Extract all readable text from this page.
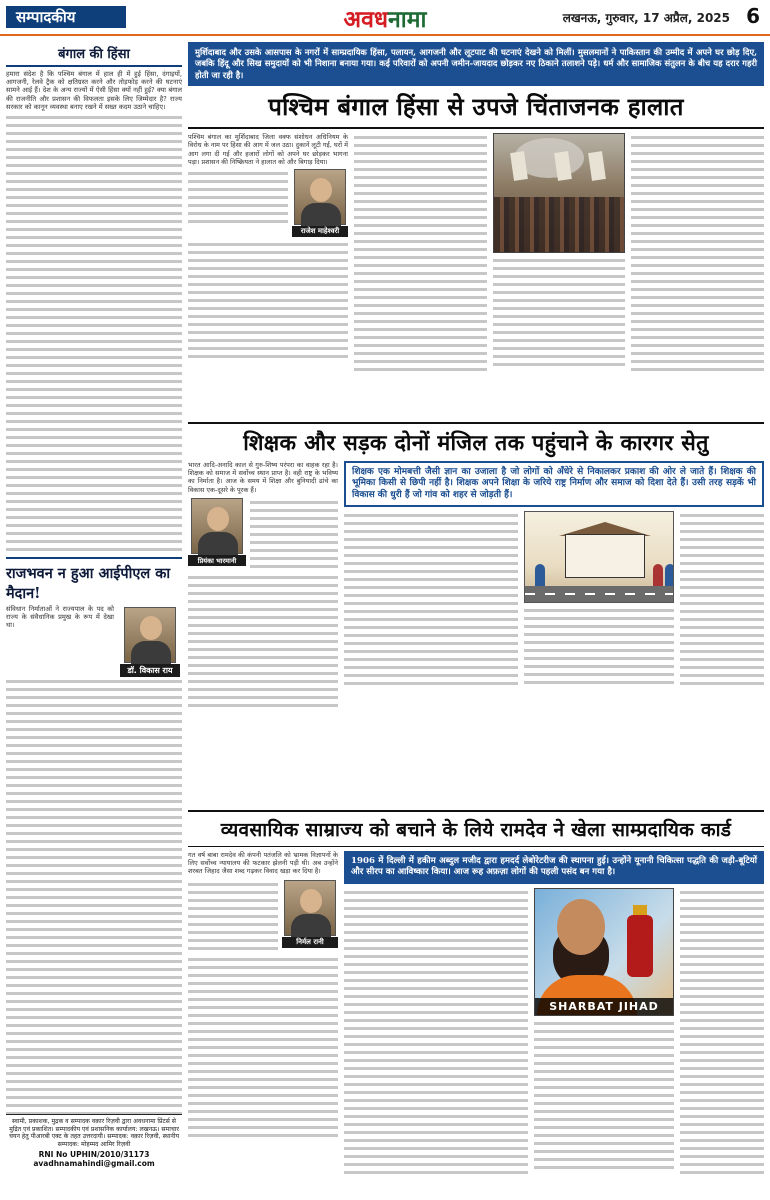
सम्पादकीय	अवधनामा	लखनऊ, गुरुवार, 17 अप्रैल, 2025 6
बंगाल की हिंसा
हमारा संदेश है कि पश्चिम बंगाल में हाल ही में हुई हिंसा, दंगाइयों, आगजनी, रेलवे ट्रैक को क्षतिग्रस्त करने और तोड़फोड़ करने की घटनाएं सामने आई हैं। देश के अन्य राज्यों में ऐसी हिंसा क्यों नहीं हुई? क्या बंगाल की राजनीति और प्रशासन की विफलता इसके लिए जिम्मेदार है? राज्य सरकार को कानून व्यवस्था बनाए रखने में सख्त कदम उठाने चाहिए।
राजभवन न हुआ आईपीएल का मैदान!
संविधान निर्माताओं ने राज्यपाल के पद को राज्य के संवैधानिक प्रमुख के रूप में देखा था।
डॉ. विकास राय
स्वामी, प्रकाशक, मुद्रक व सम्पादक वक़ार रिज़वी द्वारा अवधनामा प्रिंटर्स से मुद्रित एवं प्रकाशित। सम्पादकीय एवं प्रशासनिक कार्यालय: लखनऊ। समाचार चयन हेतु पीआरबी एक्ट के तहत उत्तरदायी। सम्पादक: वक़ार रिज़वी, स्थानीय सम्पादक: मोहम्मद आमिर रिज़वी
RNI No UPHIN/2010/31173
avadhnamahindi@gmail.com
मुर्शिदाबाद और उसके आसपास के नगरों में साम्प्रदायिक हिंसा, पलायन, आगजनी और लूटपाट की घटनाएं देखने को मिलीं। मुसलमानों ने पाकिस्तान की उम्मीद में अपने घर छोड़ दिए, जबकि हिंदू और सिख समुदायों को भी निशाना बनाया गया। कई परिवारों को अपनी जमीन-जायदाद छोड़कर नए ठिकाने तलाशने पड़े। धर्म और सामाजिक संतुलन के बीच यह दरार गहरी होती जा रही है।
पश्चिम बंगाल हिंसा से उपजे चिंताजनक हालात
पश्चिम बंगाल का मुर्शिदाबाद जिला वक्फ संशोधन अधिनियम के विरोध के नाम पर हिंसा की आग में जल उठा। दुकानें लूटी गईं, घरों में आग लगा दी गई और हजारों लोगों को अपने घर छोड़कर भागना पड़ा। प्रशासन की निष्क्रियता ने हालात को और बिगाड़ दिया।
राजेश माहेश्वरी
शिक्षक और सड़क दोनों मंजिल तक पहुंचाने के कारगर सेतु
भारत आदि-अनादि काल से गुरु-शिष्य परंपरा का वाहक रहा है। शिक्षक को समाज में सर्वोच्च स्थान प्राप्त है। वही राष्ट्र के भविष्य का निर्माता है। आज के समय में शिक्षा और बुनियादी ढांचे का विकास एक-दूसरे के पूरक हैं।
प्रियंका भारमानी
शिक्षक एक मोमबत्ती जैसी ज्ञान का उजाला है जो लोगों को अँधेरे से निकालकर प्रकाश की ओर ले जाते हैं। शिक्षक की भूमिका किसी से छिपी नहीं है। शिक्षक अपने शिक्षा के जरिये राष्ट्र निर्माण और समाज को दिशा देते हैं। उसी तरह सड़कें भी विकास की धुरी हैं जो गांव को शहर से जोड़ती हैं।
व्यवसायिक साम्राज्य को बचाने के लिये रामदेव ने खेला साम्प्रदायिक कार्ड
गत वर्ष बाबा रामदेव की कंपनी पतंजलि को भ्रामक विज्ञापनों के लिए सर्वोच्च न्यायालय की फटकार झेलनी पड़ी थी। अब उन्होंने शरबत जिहाद जैसा शब्द गढ़कर विवाद खड़ा कर दिया है।
निर्मल रानी
1906 में दिल्ली में हकीम अब्दुल मजीद द्वारा हमदर्द लेबोरेटरीज की स्थापना हुई। उन्होंने यूनानी चिकित्सा पद्धति की जड़ी-बूटियों और सीरप का आविष्कार किया। आज रूह अफ़ज़ा लोगों की पहली पसंद बन गया है।
SHARBAT JIHAD
